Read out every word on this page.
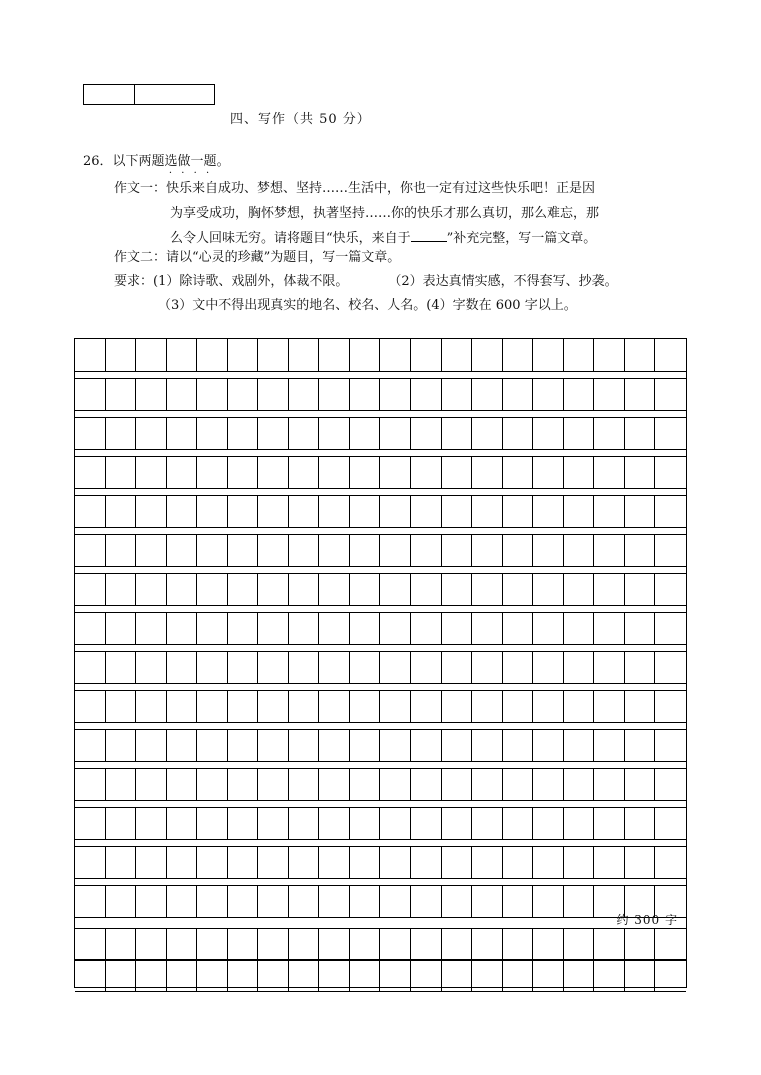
四、写作（共 50 分）
26．以下两题选做一题 · · · ·。
作文一：快乐来自成功、梦想、坚持……生活中，你也一定有过这些快乐吧！正是因
为享受成功，胸怀梦想，执著坚持……你的快乐才那么真切，那么难忘，那
么令人回味无穷。请将题目“快乐，来自于	”补充完整，写一篇文章。
作文二：请以“心灵的珍藏”为题目，写一篇文章。
要求：(1）除诗歌、戏剧外，体裁不限。	（2）表达真情实感，不得套写、抄袭。
（3）文中不得出现真实的地名、校名、人名。(4）字数在 600 字以上。
约 300 字
